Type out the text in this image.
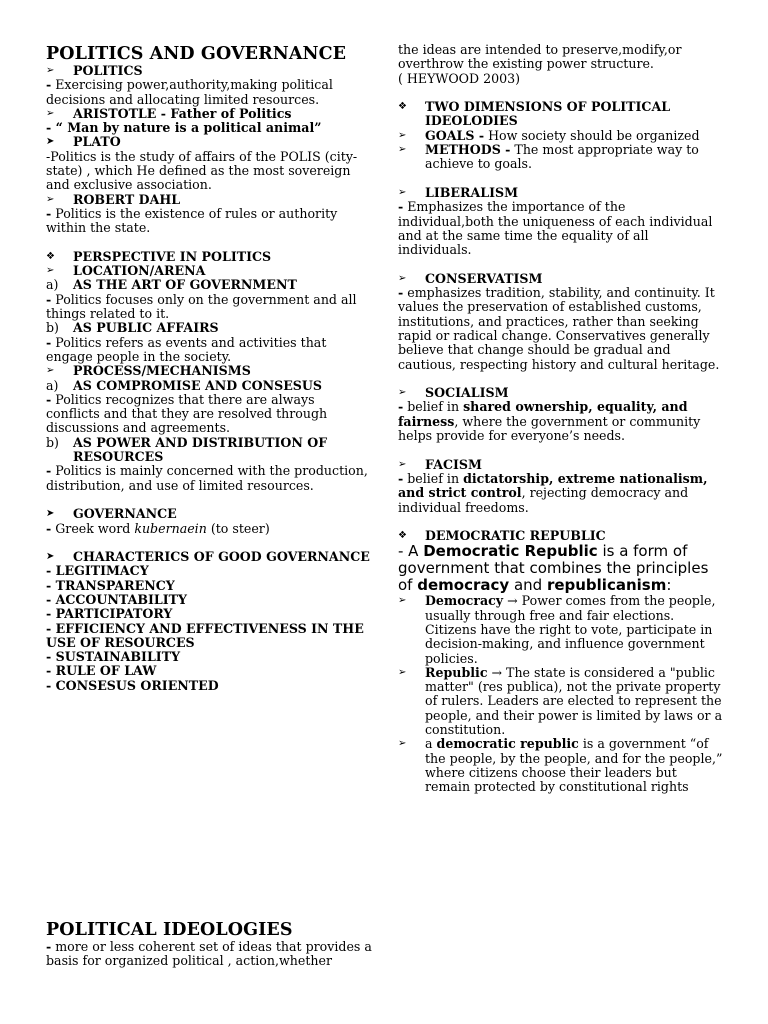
POLITICS AND GOVERNANCE
➢	POLITICS
- Exercising power,authority,making political decisions and allocating limited resources.
➢	ARISTOTLE - Father of Politics
- “ Man by nature is a political animal”
➤	PLATO
-Politics is the study of affairs of the POLIS (city-state) , which He defined as the most sovereign and exclusive association.
➢	ROBERT DAHL
- Politics is the existence of rules or authority within the state.
❖	PERSPECTIVE IN POLITICS
➢	LOCATION/ARENA
a)	AS THE ART OF GOVERNMENT
- Politics focuses only on the government and all things related to it.
b)	AS PUBLIC AFFAIRS
- Politics refers as events and activities that engage people in the society.
➢	PROCESS/MECHANISMS
a)	AS COMPROMISE AND CONSESUS
- Politics recognizes that there are always conflicts and that they are resolved through discussions and agreements.
b)	AS POWER AND DISTRIBUTION OF RESOURCES
- Politics is mainly concerned with the production, distribution, and use of limited resources.
➤	GOVERNANCE
- Greek word kubernaein (to steer)
➤	CHARACTERICS OF GOOD GOVERNANCE
- LEGITIMACY
- TRANSPARENCY
- ACCOUNTABILITY
- PARTICIPATORY
- EFFICIENCY AND EFFECTIVENESS IN THE USE OF RESOURCES
- SUSTAINABILITY
- RULE OF LAW
- CONSESUS ORIENTED
the ideas are intended to preserve,modify,or
overthrow the existing power structure.
( HEYWOOD 2003)
❖	TWO DIMENSIONS OF POLITICAL IDEOLODIES
➢	GOALS - How society should be organized
➢	METHODS - The most appropriate way to achieve to goals.
➢	LIBERALISM
- Emphasizes the importance of the individual,both the uniqueness of each individual and at the same time the equality of all individuals.
➢	CONSERVATISM
- emphasizes tradition, stability, and continuity. It values the preservation of established customs, institutions, and practices, rather than seeking rapid or radical change. Conservatives generally believe that change should be gradual and cautious, respecting history and cultural heritage.
➢	SOCIALISM
- belief in shared ownership, equality, and fairness, where the government or community helps provide for everyone’s needs.
➢	FACISM
- belief in dictatorship, extreme nationalism, and strict control, rejecting democracy and individual freedoms.
❖	DEMOCRATIC REPUBLIC
- A Democratic Republic is a form of government that combines the principles of democracy and republicanism:
➢	Democracy → Power comes from the people, usually through free and fair elections. Citizens have the right to vote, participate in decision-making, and influence government policies.
➢	Republic → The state is considered a "public matter" (res publica), not the private property of rulers. Leaders are elected to represent the people, and their power is limited by laws or a constitution.
➢	a democratic republic is a government “of the people, by the people, and for the people,” where citizens choose their leaders but remain protected by constitutional rights
POLITICAL IDEOLOGIES
- more or less coherent set of ideas that provides a basis for organized political , action,whether
